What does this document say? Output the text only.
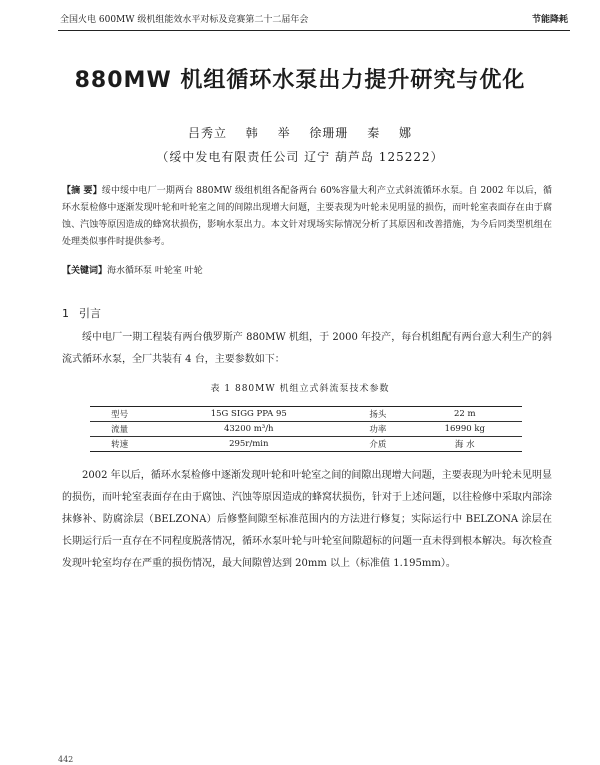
全国火电 600MW 级机组能效水平对标及竞赛第二十二届年会	节能降耗
880MW 机组循环水泵出力提升研究与优化
吕秀立 韩 举 徐珊珊 秦 娜
（绥中发电有限责任公司 辽宁 葫芦岛 125222）
【摘 要】绥中绥中电厂一期两台 880MW 级组机组各配备两台 60%容量大利产立式斜流循环水泵。自 2002 年以后，循环水泵检修中逐渐发现叶轮和叶轮室之间的间隙出现增大问题，主要表现为叶轮未见明显的损伤，而叶轮室表面存在由于腐蚀、汽蚀等原因造成的蜂窝状损伤，影响水泵出力。本文针对现场实际情况分析了其原因和改善措施，为今后同类型机组在处理类似事件时提供参考。
【关键词】海水循环泵 叶轮室 叶轮
1 引言
绥中电厂一期工程装有两台俄罗斯产 880MW 机组，于 2000 年投产，每台机组配有两台意大利生产的斜流式循环水泵，全厂共装有 4 台，主要参数如下：
表 1 880MW 机组立式斜流泵技术参数
型号	15G SIGG PPA 95	扬头	22 m
流量	43200 m³/h	功率	16990 kg
转速	295r/min	介质	海 水
2002 年以后，循环水泵检修中逐渐发现叶轮和叶轮室之间的间隙出现增大问题，主要表现为叶轮未见明显的损伤，而叶轮室表面存在由于腐蚀、汽蚀等原因造成的蜂窝状损伤，针对于上述问题，以往检修中采取内部涂抹修补、防腐涂层（BELZONA）后修整间隙至标准范围内的方法进行修复；实际运行中 BELZONA 涂层在长期运行后一直存在不同程度脱落情况，循环水泵叶轮与叶轮室间隙超标的问题一直未得到根本解决。每次检查发现叶轮室均存在严重的损伤情况，最大间隙曾达到 20mm 以上（标准值 1.195mm）。
442
